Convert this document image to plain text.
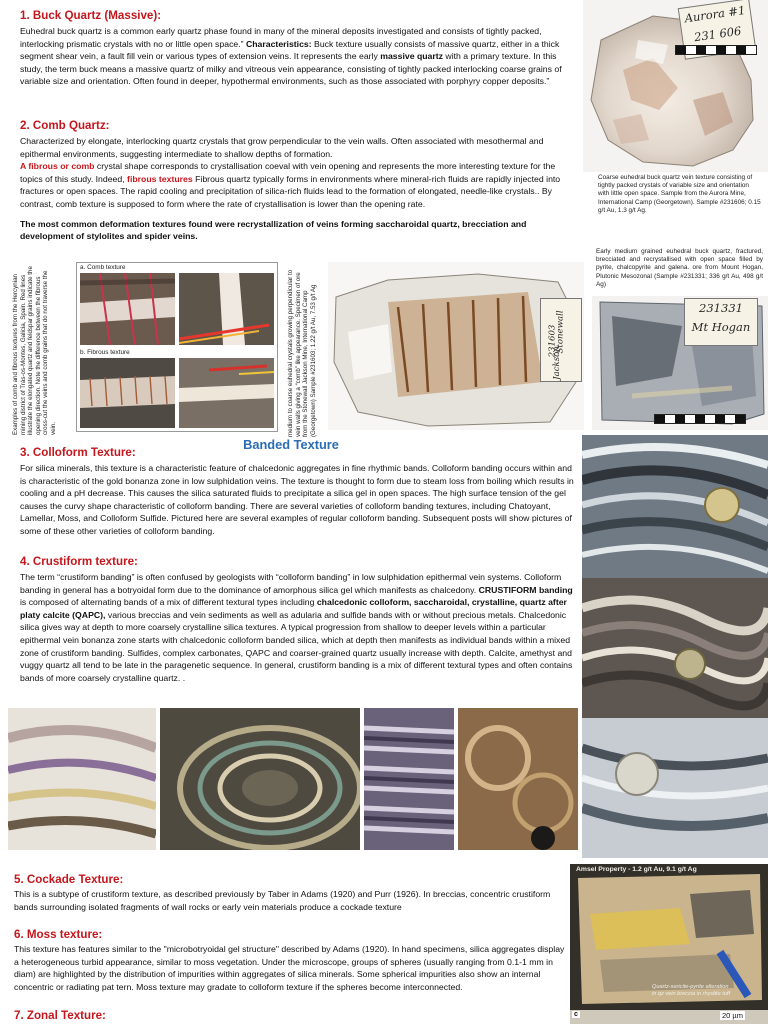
1. Buck Quartz (Massive):

Euhedral buck quartz is a common early quartz phase found in many of the mineral deposits investigated and consists of tightly packed, interlocking prismatic crystals with no or little open space.” Characteristics: Buck texture usually consists of massive quartz, either in a thick segment shear vein, a fault fill vein or various types of extension veins. It represents the early massive quartz with a primary texture. In this study, the term buck means a massive quartz of milky and vitreous vein appearance, consisting of tightly packed interlocking coarse grains of variable size and orientation. Often found in deeper, hypothermal environments, such as those associated with porphyry copper deposits.”

2. Comb Quartz:

Characterized by elongate, interlocking quartz crystals that grow perpendicular to the vein walls. Often associated with mesothermal and epithermal environments, suggesting intermediate to shallow depths of formation.

A fibrous or comb crystal shape corresponds to crystallisation coeval with vein opening and represents the more interesting texture for the topics of this study. Indeed, fibrous textures Fibrous quartz typically forms in environments where mineral-rich fluids are rapidly injected into fractures or open spaces. The rapid cooling and precipitation of silica-rich fluids lead to the formation of elongated, needle-like crystals.. By contrast, comb texture is supposed to form where the rate of crystallisation is lower than the opening rate.

The most common deformation textures found were recrystallization of veins forming saccharoidal quartz, brecciation and development of stylolites and spider veins.

Aurora #1
231 606

Coarse euhedral buck quartz vein texture consisting of tightly packed crystals of variable size and orientation with little open space. Sample from the Aurora Mine, International Camp (Georgetown). Sample #231606; 0.15 g/t Au, 1.3 g/t Ag.

Examples of comb and fibrous textures from the Hercynian mining district of Trás-os-Montes, Galicia, Spain. Red lines illustrate the elongated quartz and feldspar grains indicate the opening direction. Note the difference between the fibrous cross-cut the veins and comb grains that do not traverse the vein.

a. Comb texture
b. Fibrous texture	medium to coarse euhedral crystals growing perpendicular to vein walls giving a “comb” like appearance. Specimen of ore from the Stonewall Jackson Mine, International Camp (Georgetown) Sample #231603; 1.22 g/t Au, 7.53 g/t Ag	Stonewall
Jackson
231603

Early medium grained euhedral buck quartz, fractured, brecciated and recrystallised with open space filled by pyrite, chalcopyrite and galena. ore from Mount Hogan, Plutonic Mesozonal (Sample #231331; 336 g/t Au, 498 g/t Ag)

231331
Mt Hogan
Banded Texture

3. Colloform Texture:

For silica minerals, this texture is a characteristic feature of chalcedonic aggregates in fine rhythmic bands. Colloform banding occurs within and is characteristic of the gold bonanza zone in low sulphidation veins. The texture is thought to form due to steam loss from boiling which results in cooling and a pH decrease. This causes the silica saturated fluids to precipitate a silica gel in open spaces. The high surface tension of the gel causes the curvy shape characteristic of colloform banding. There are several varieties of colloform banding textures, including Chatoyant, Lamellar, Moss, and Colloform Sulfide. Pictured here are several examples of regular colloform banding. Subsequent posts will show pictures of some of these other varieties of colloform banding.

4. Crustiform texture:

The term “crustiform banding” is often confused by geologists with “colloform banding” in low sulphidation epithermal vein systems. Colloform banding in general has a botryoidal form due to the dominance of amorphous silica gel which manifests as chalcedony. CRUSTIFORM banding is composed of alternating bands of a mix of different textural types including chalcedonic colloform, saccharoidal, crystalline, quartz after platy calcite (QAPC), various breccias and vein sediments as well as adularia and sulfide bands with or without precious metals. Chalcedonic silica gives way at depth to more coarsely crystalline silica textures. A typical progression from shallow to deeper levels within a particular epithermal vein bonanza zone starts with chalcedonic colloform banded silica, which at depth then manifests as individual bands within a mixed zone of crustiform banding. Sulfides, complex carbonates, QAPC and coarser-grained quartz usually increase with depth. Calcite, amethyst and vuggy quartz all tend to be late in the paragenetic sequence. In general, crustiform banding is a mix of different textural types and often contains bands of more coarsely crystalline quartz. .

5. Cockade Texture:

This is a subtype of crustiform texture, as described previously by Taber in Adams (1920) and Purr (1926). In breccias, concentric crustiform bands surrounding isolated fragments of wall rocks or early vein materials produce a cockade texture

6. Moss texture:

This texture has features similar to the "microbotryoidal gel structure" described by Adams (1920). In hand specimens, silica aggregates display a heterogeneous turbid appearance, similar to moss vegetation. Under the microscope, groups of spheres (usually ranging from 0.1-1 mm in diam) are highlighted by the distribution of impurities within aggregates of silica minerals. Some spherical impurities also show an internal concentric or radiating pat tern. Moss texture may gradate to colloform texture if the spheres become interconnected.

7. Zonal Texture:

Amsel Property - 1.2 g/t Au, 9.1 g/t Ag
Quartz-sericite-pyrite alteration
in qz vein breccia in rhyolite tuff
c	20 µm
